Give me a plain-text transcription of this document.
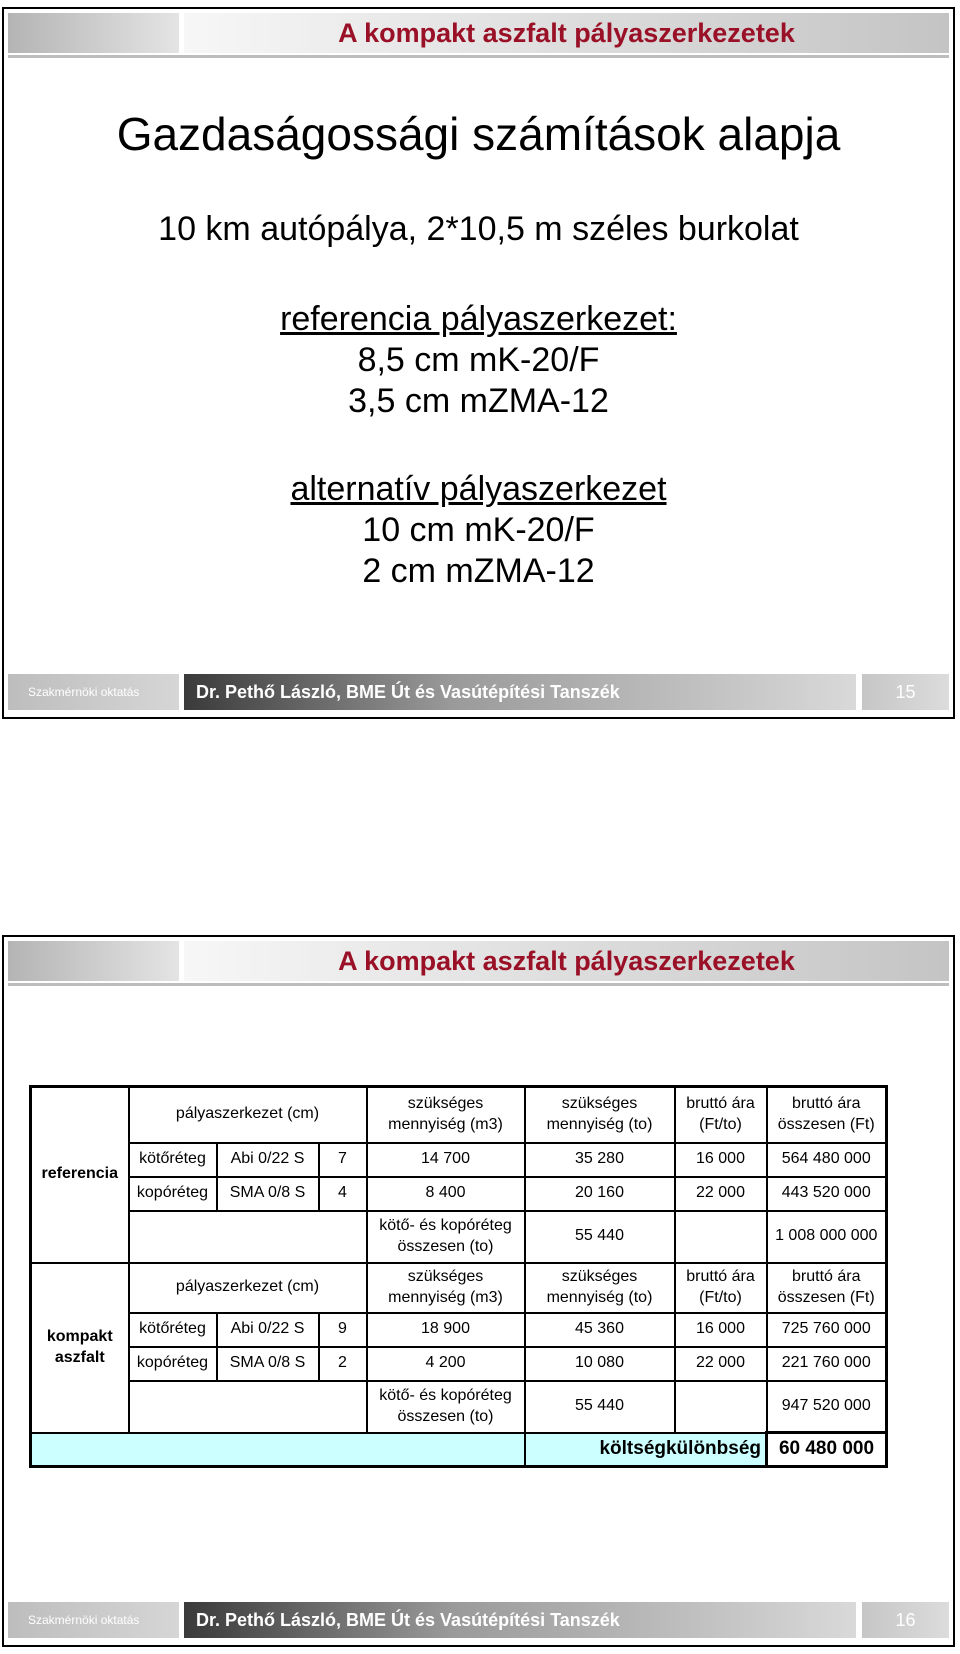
A kompakt aszfalt pályaszerkezetek
Gazdaságossági számítások alapja
10 km autópálya, 2*10,5 m széles burkolat
referencia pályaszerkezet:
8,5 cm mK-20/F
3,5 cm mZMA-12
alternatív pályaszerkezet
10 cm mK-20/F
2 cm mZMA-12
Szakmérnöki oktatás	Dr. Pethő László, BME Út és Vasútépítési Tanszék	15
A kompakt aszfalt pályaszerkezetek
referencia	pályaszerkezet (cm)			szükséges mennyiség (m3)	szükséges mennyiség (to)	bruttó ára (Ft/to)	bruttó ára összesen (Ft)
	kötőréteg	Abi 0/22 S	7	14 700	35 280	16 000	564 480 000
	kopóréteg	SMA 0/8 S	4	8 400	20 160	22 000	443 520 000
				kötő- és kopóréteg összesen (to)	55 440		1 008 000 000
kompakt aszfalt	pályaszerkezet (cm)			szükséges mennyiség (m3)	szükséges mennyiség (to)	bruttó ára (Ft/to)	bruttó ára összesen (Ft)
	kötőréteg	Abi 0/22 S	9	18 900	45 360	16 000	725 760 000
	kopóréteg	SMA 0/8 S	2	4 200	10 080	22 000	221 760 000
				kötő- és kopóréteg összesen (to)	55 440		947 520 000
					költségkülönbség		60 480 000
Szakmérnöki oktatás	Dr. Pethő László, BME Út és Vasútépítési Tanszék	16
